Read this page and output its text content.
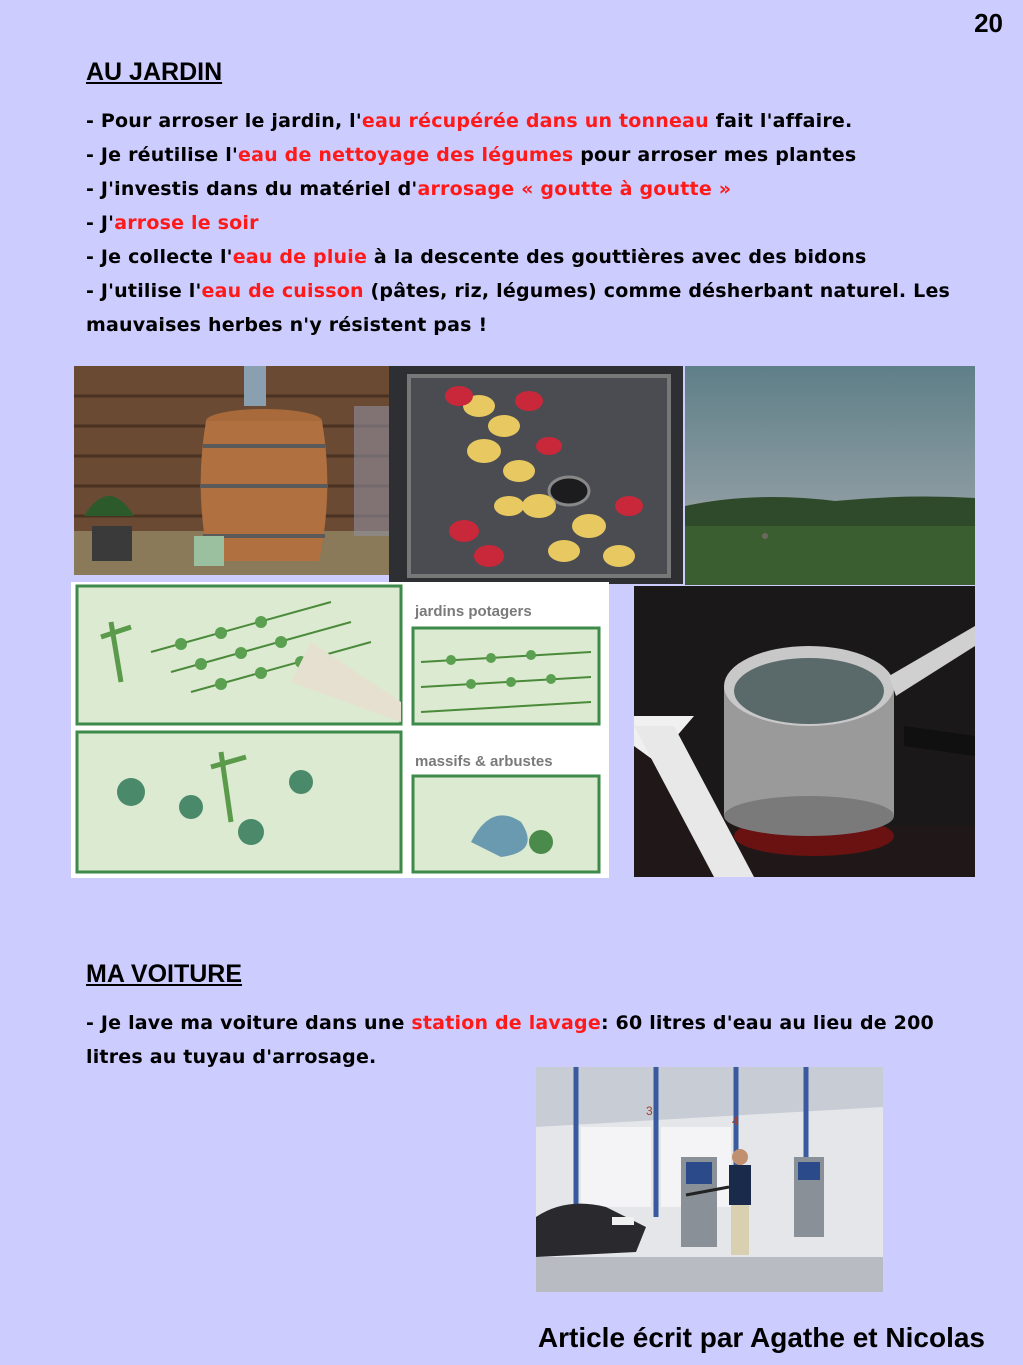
20
AU JARDIN

- Pour arroser le jardin, l'eau récupérée dans un tonneau fait l'affaire.

- Je réutilise l'eau de nettoyage des légumes pour arroser mes plantes

- J'investis dans du matériel d'arrosage « goutte à goutte »

- J'arrose le soir

- Je collecte l'eau de pluie à la descente des gouttières avec des bidons

- J'utilise l'eau de cuisson (pâtes, riz, légumes) comme désherbant naturel. Les mauvaises herbes n'y résistent pas !

jardins potagers
massifs & arbustes
MA VOITURE

- Je lave ma voiture dans une station de lavage: 60 litres d'eau au lieu de 200 litres au tuyau d'arrosage.

3
4
Article écrit par Agathe et Nicolas
